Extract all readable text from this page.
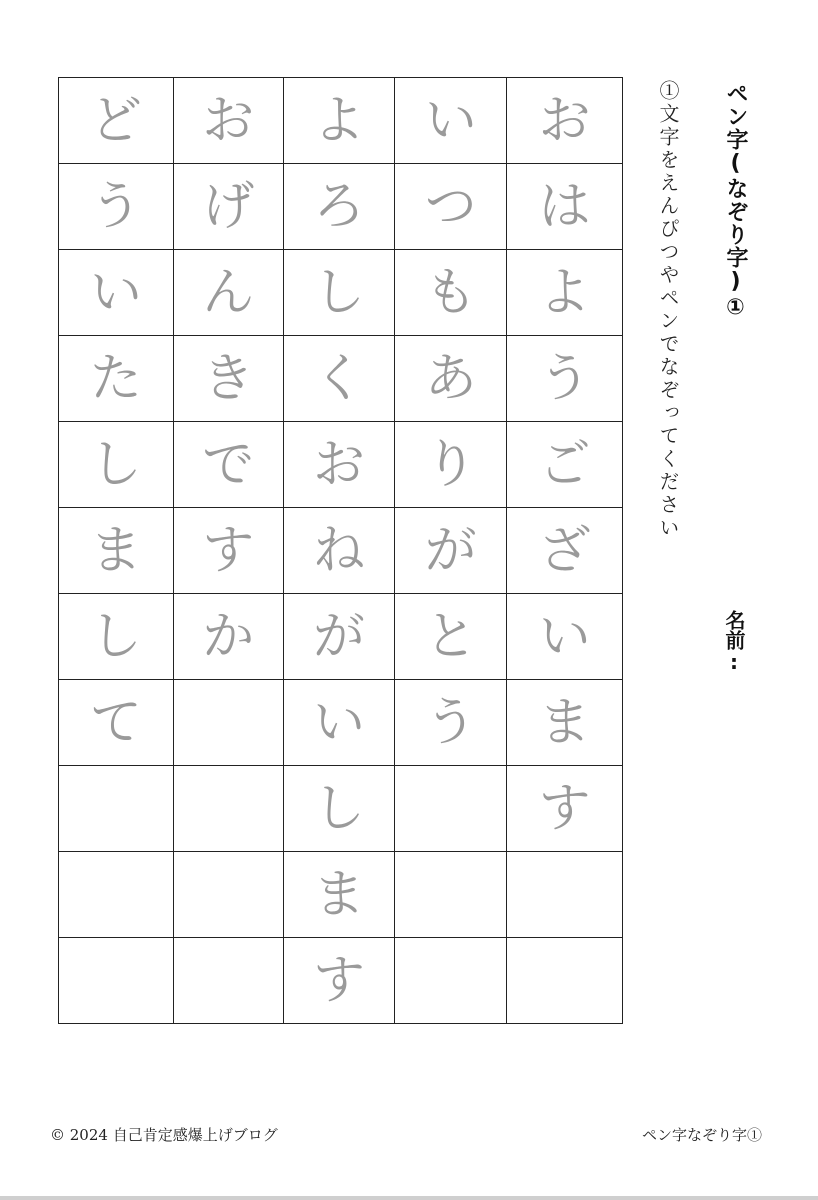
お
は
よ
う
ご
ざ
い
ま
す
い
つ
も
あ
り
が
と
う
よ
ろ
し
く
お
ね
が
い
し
ま
す
お
げ
ん
き
で
す
か
ど
う
い
た
し
ま
し
て
ペン字(なぞり字)①
①文字をえんぴつやペンでなぞってください
名前:
© 2024 自己肯定感爆上げブログ	ペン字なぞり字①
